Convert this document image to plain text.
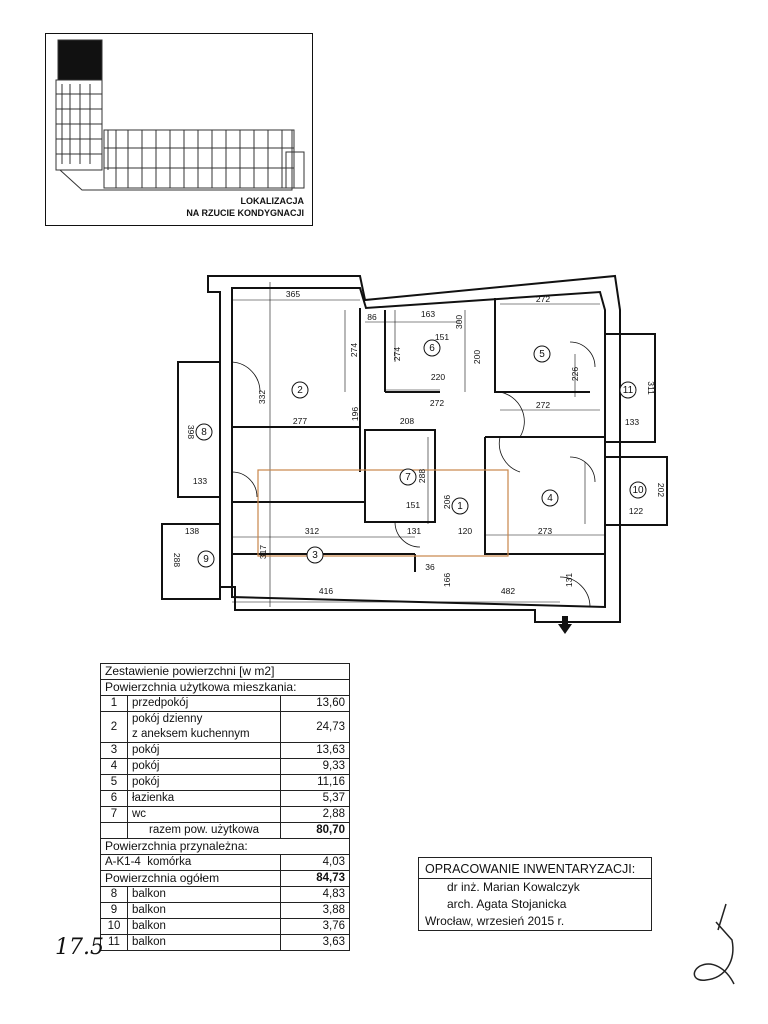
LOKALIZACJA
NA RZUCIE KONDYGNACJI
2
6
5
7
1
4
3
8
9
10
11
365
86	163
272
274
332
274	200
151
300
220	226
272
277	196	208
272
133
398
311
133
138
288
202
312	131	120	273
151	206
317
288
122
416	482
36
166	131
Zestawienie powierzchni [w m2]		
Powierzchnia użytkowa mieszkania:		
1	przedpokój	13,60
2	pokój dzienny
z aneksem kuchennym	24,73
3	pokój	13,63
4	pokój	9,33
5	pokój	11,16
6	łazienka	5,37
7	wc	2,88
	razem pow. użytkowa	80,70
Powierzchnia przynależna:		
A-K1-4 komórka		4,03
Powierzchnia ogółem		84,73
8	balkon	4,83
9	balkon	3,88
10	balkon	3,76
11	balkon	3,63
OPRACOWANIE INWENTARYZACJI:
dr inż. Marian Kowalczyk
arch. Agata Stojanicka
Wrocław, wrzesień 2015 r.
17.5
